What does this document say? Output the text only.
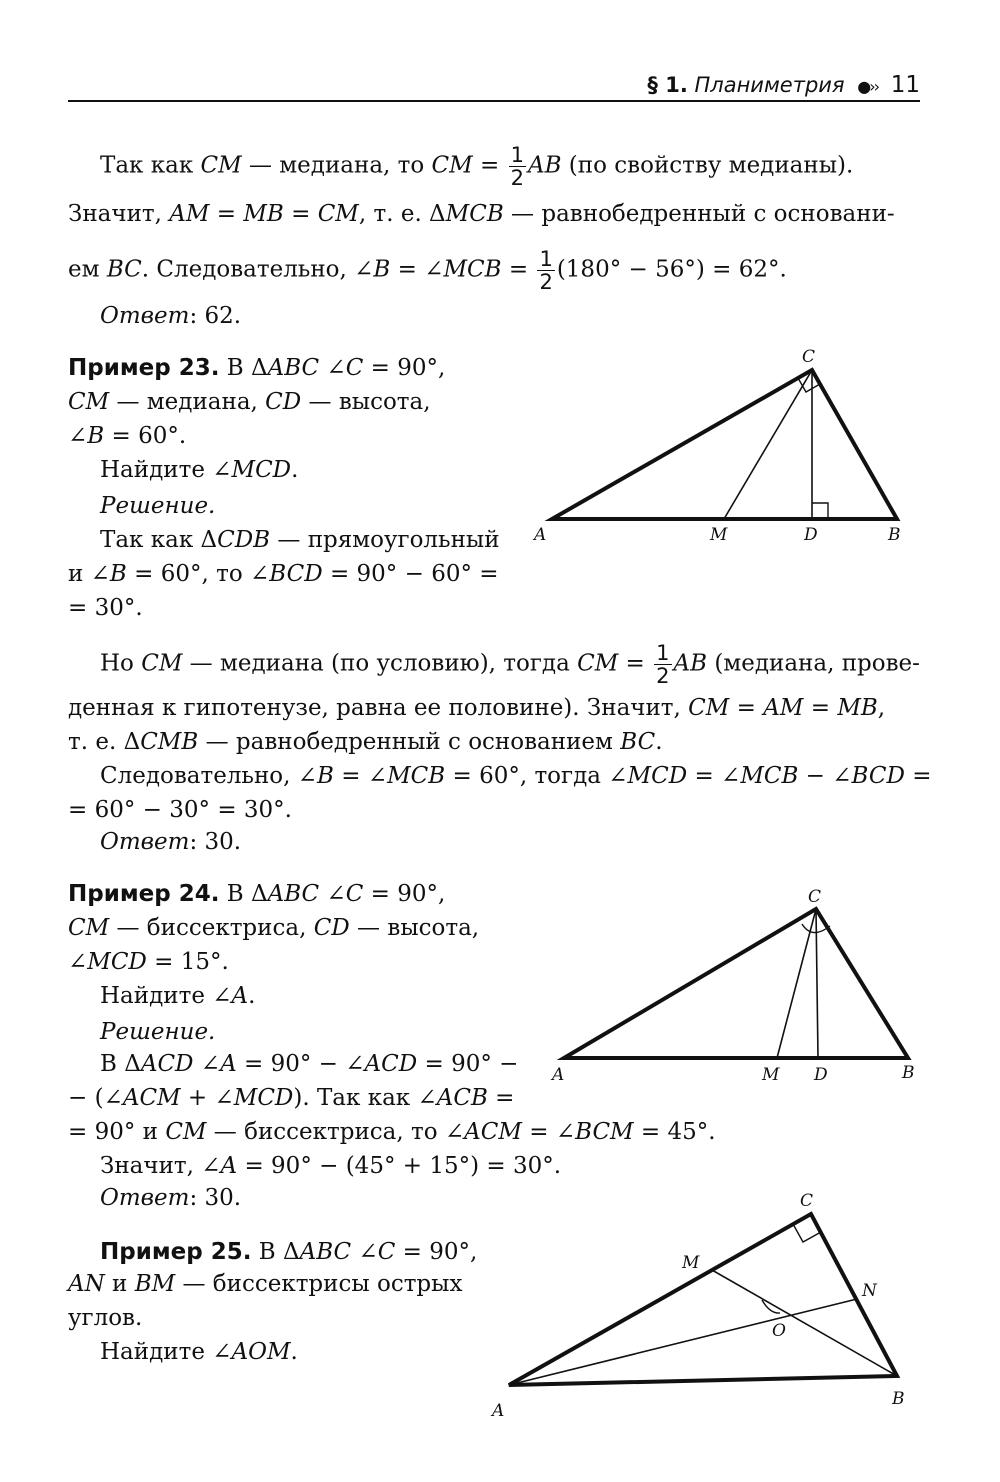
§ 1. Планиметрия ●›› 11
Так как CM — медиана, то CM = $\frac{1}{2}$ AB (по свойству медианы).
Значит, AM = MB = CM, т. е. ΔMCB — равнобедренный с основани-
ем BC. Следовательно, ∠B = ∠MCB = $\frac{1}{2} (180^\circ - 56^\circ) = 62^\circ$.
Ответ: 62.
Пример 23. В ΔABC ∠C = 90°,
CM — медиана, CD — высота,
∠B = 60°.
Найдите ∠MCD.
Решение.
Так как ΔCDB — прямоугольный
и ∠B = 60°, то ∠BCD = 90° − 60° =
= 30°.
Но CM — медиана (по условию), тогда CM = $\frac{1}{2}$ AB (медиана, прове-
денная к гипотенузе, равна ее половине). Значит, CM = AM = MB,
т. е. ΔCMB — равнобедренный с основанием BC.
Следовательно, ∠B = ∠MCB = 60°, тогда ∠MCD = ∠MCB − ∠BCD =
= 60° − 30° = 30°.
Ответ: 30.
A	M	D	B
C
Пример 24. В ΔABC ∠C = 90°,
CM — биссектриса, CD — высота,
∠MCD = 15°.
Найдите ∠A.
Решение.
В ΔACD ∠A = 90° − ∠ACD = 90° −
− (∠ACM + ∠MCD). Так как ∠ACB =
= 90° и CM — биссектриса, то ∠ACM = ∠BCM = 45°.
Значит, ∠A = 90° − (45° + 15°) = 30°.
Ответ: 30.
A	M D	B
C
Пример 25. В ΔABC ∠C = 90°,
AN и BM — биссектрисы острых
углов.
Найдите ∠AOM.
A
B
C
M
N
O
